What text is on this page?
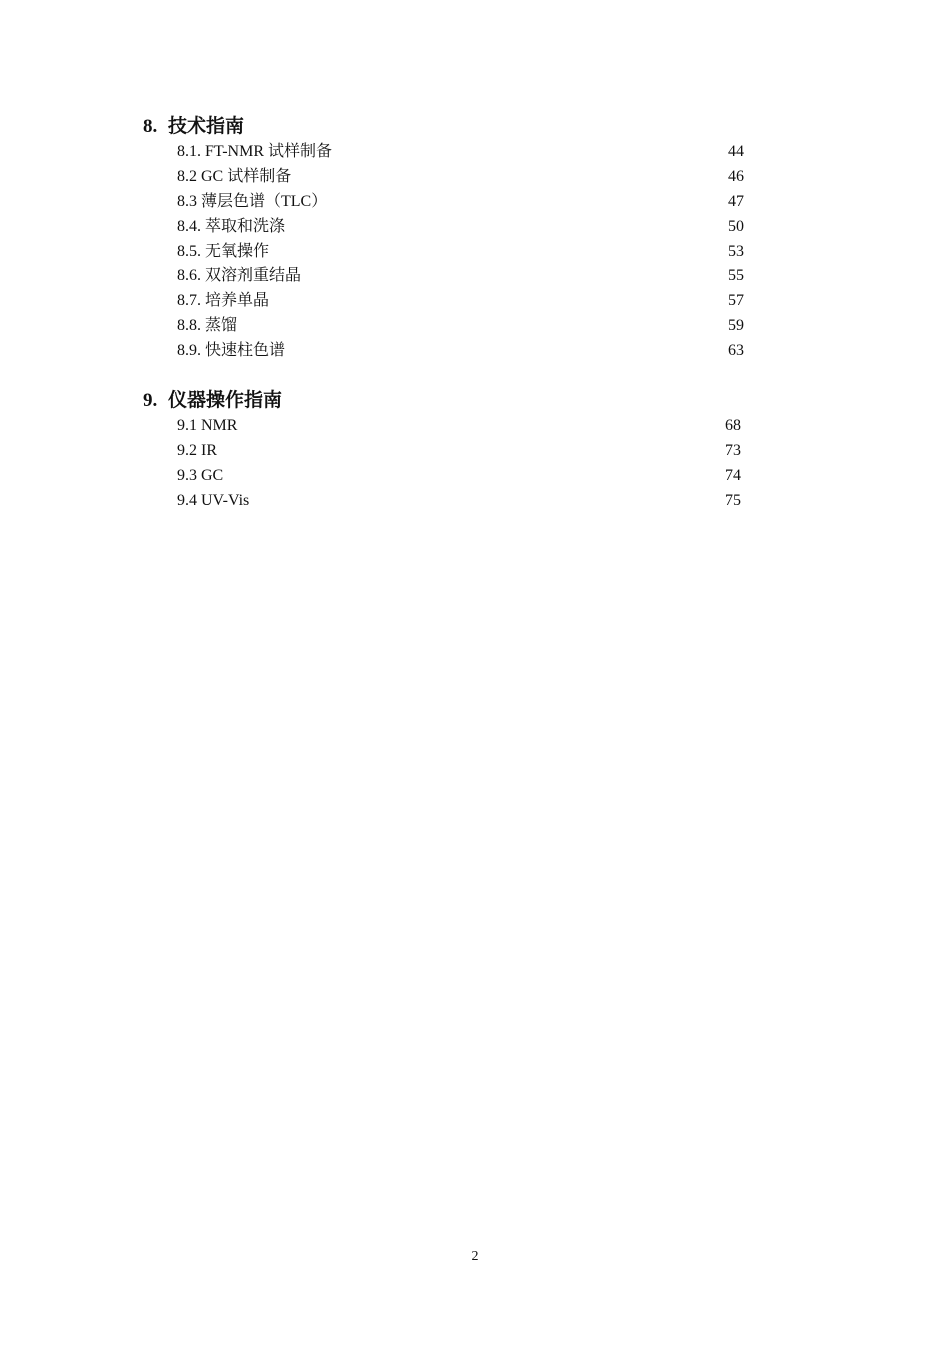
8. 技术指南
8.1. FT-NMR 试样制备	44
8.2 GC 试样制备	46
8.3 薄层色谱（TLC）	47
8.4. 萃取和洗涤	50
8.5. 无氧操作	53
8.6. 双溶剂重结晶	55
8.7. 培养单晶	57
8.8. 蒸馏	59
8.9. 快速柱色谱	63
9. 仪器操作指南
9.1 NMR	68
9.2 IR	73
9.3 GC	74
9.4 UV-Vis	75
2
